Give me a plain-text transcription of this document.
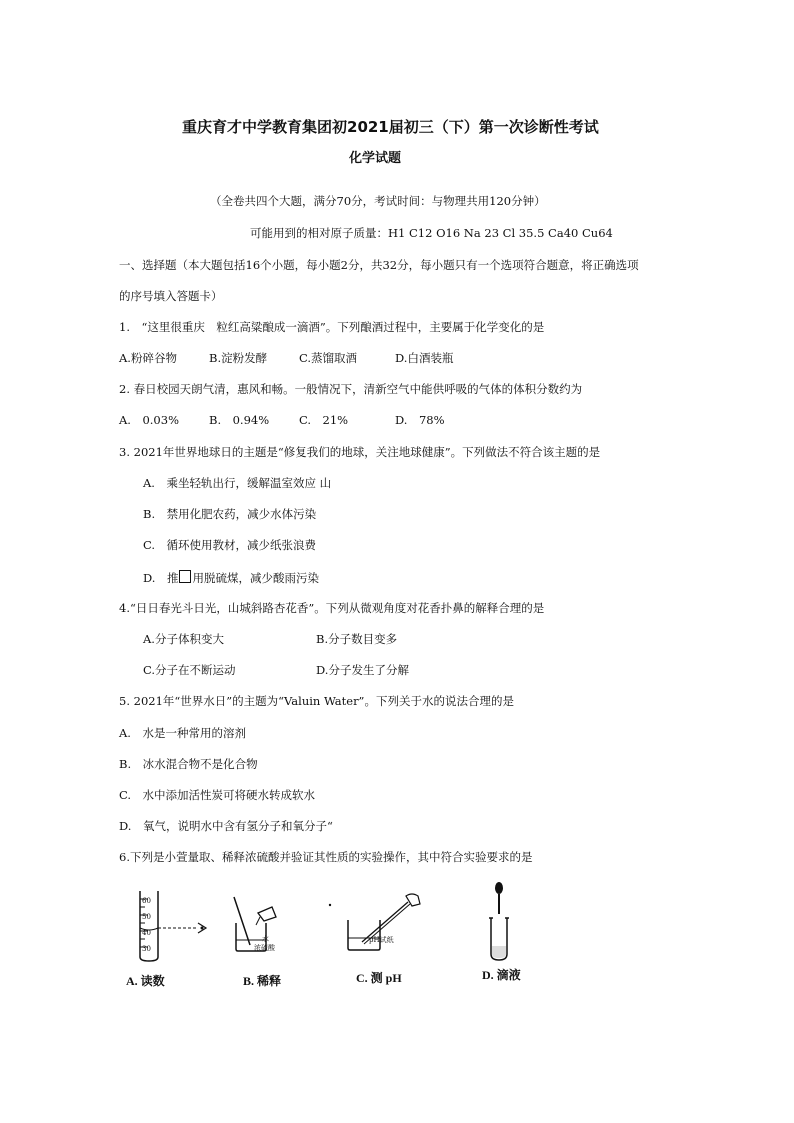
重庆育才中学教育集团初2021届初三（下）第一次诊断性考试
化学试题
（全卷共四个大题，满分70分，考试时间：与物理共用120分钟）
可能用到的相对原子质量：H1 C12 O16 Na 23 Cl 35.5 Ca40 Cu64
一、选择题（本大题包括16个小题，每小题2分，共32分，每小题只有一个选项符合题意，将正确选项
的序号填入答题卡）
1.　“这里很重庆　粒红高粱酿成一滴酒”。下列酿酒过程中，主要属于化学变化的是
A.粉碎谷物	B.淀粉发酵	C.蒸馏取酒	D.白酒装瓶
2. 春日校园天朗气清，惠风和畅。一般情况下，清新空气中能供呼吸的气体的体积分数约为
A.　0.03%	B.　0.94%	C.　21%	D.　78%
3. 2021年世界地球日的主题是“修复我们的地球，关注地球健康”。下列做法不符合该主题的是
A.　乘坐轻轨出行，缓解温室效应 山
B.　禁用化肥农药，减少水体污染
C.　循环使用教材，减少纸张浪费
D.　推 用脱硫煤，减少酸雨污染
4.“日日春光斗日光，山城斜路杏花香”。下列从微观角度对花香扑鼻的解释合理的是
A.分子体积变大	B.分子数目变多
C.分子在不断运动	D.分子发生了分解
5. 2021年“世界水日”的主题为“Valuin Water”。下列关于水的说法合理的是
A.　水是一种常用的溶剂
B.　冰水混合物不是化合物
C.　水中添加活性炭可将硬水转成软水
D.　氧气，说明水中含有氢分子和氧分子“
6.下列是小萱量取、稀释浓硫酸并验证其性质的实验操作，其中符合实验要求的是
60
50
40
30
水
浓硫酸
pH试纸
A. 读数	B. 稀释	C. 测 pH	D. 滴液
